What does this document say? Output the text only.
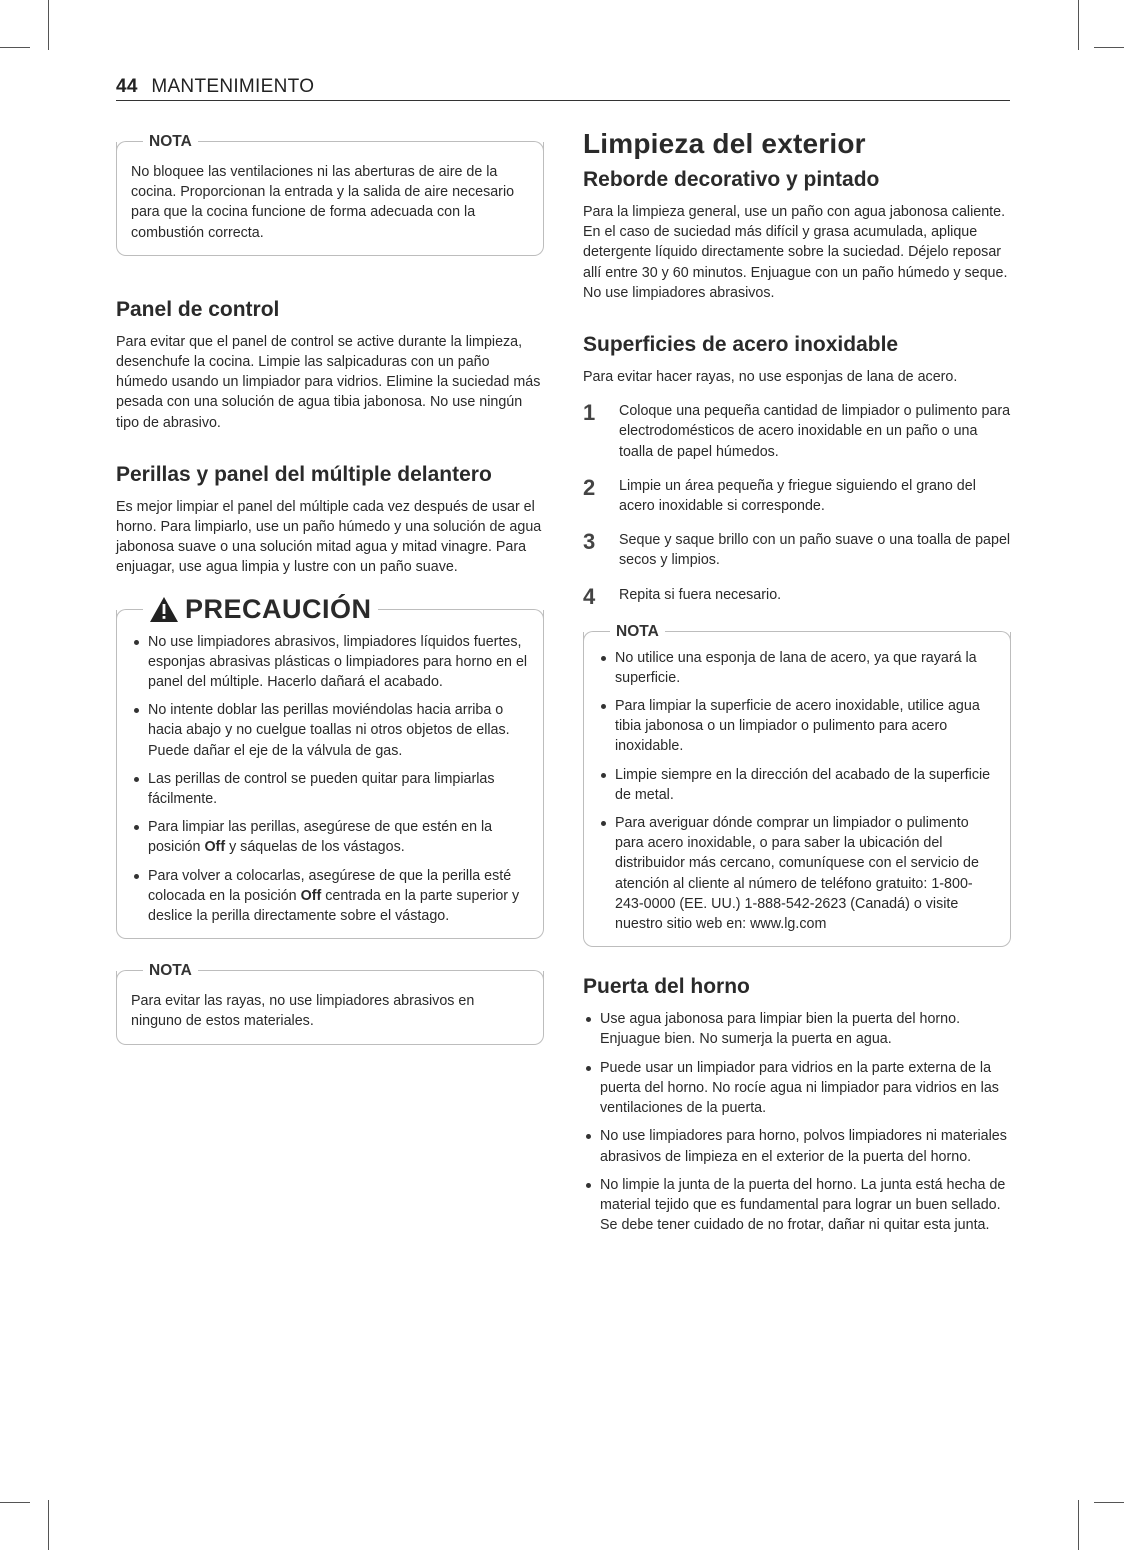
44 MANTENIMIENTO
NOTA

No bloquee las ventilaciones ni las aberturas de aire de la cocina. Proporcionan la entrada y la salida de aire necesario para que la cocina funcione de forma adecuada con la combustión correcta.

Panel de control

Para evitar que el panel de control se active durante la limpieza, desenchufe la cocina. Limpie las salpicaduras con un paño húmedo usando un limpiador para vidrios. Elimine la suciedad más pesada con una solución de agua tibia jabonosa. No use ningún tipo de abrasivo.

Perillas y panel del múltiple delantero

Es mejor limpiar el panel del múltiple cada vez después de usar el horno. Para limpiarlo, use un paño húmedo y una solución de agua jabonosa suave o una solución mitad agua y mitad vinagre. Para enjuagar, use agua limpia y lustre con un paño suave.

PRECAUCIÓN
No use limpiadores abrasivos, limpiadores líquidos fuertes, esponjas abrasivas plásticas o limpiadores para horno en el panel del múltiple. Hacerlo dañará el acabado.
No intente doblar las perillas moviéndolas hacia arriba o hacia abajo y no cuelgue toallas ni otros objetos de ellas. Puede dañar el eje de la válvula de gas.
Las perillas de control se pueden quitar para limpiarlas fácilmente.
Para limpiar las perillas, asegúrese de que estén en la posición Off y sáquelas de los vástagos.
Para volver a colocarlas, asegúrese de que la perilla esté colocada en la posición Off centrada en la parte superior y deslice la perilla directamente sobre el vástago.
NOTA

Para evitar las rayas, no use limpiadores abrasivos en ninguno de estos materiales.

Limpieza del exterior
Reborde decorativo y pintado

Para la limpieza general, use un paño con agua jabonosa caliente. En el caso de suciedad más difícil y grasa acumulada, aplique detergente líquido directamente sobre la suciedad. Déjelo reposar allí entre 30 y 60 minutos. Enjuague con un paño húmedo y seque. No use limpiadores abrasivos.

Superficies de acero inoxidable

Para evitar hacer rayas, no use esponjas de lana de acero.

1	Coloque una pequeña cantidad de limpiador o pulimento para electrodomésticos de acero inoxidable en un paño o una toalla de papel húmedos.
2	Limpie un área pequeña y friegue siguiendo el grano del acero inoxidable si corresponde.
3	Seque y saque brillo con un paño suave o una toalla de papel secos y limpios.
4	Repita si fuera necesario.
NOTA
No utilice una esponja de lana de acero, ya que rayará la superficie.
Para limpiar la superficie de acero inoxidable, utilice agua tibia jabonosa o un limpiador o pulimento para acero inoxidable.
Limpie siempre en la dirección del acabado de la superficie de metal.
Para averiguar dónde comprar un limpiador o pulimento para acero inoxidable, o para saber la ubicación del distribuidor más cercano, comuníquese con el servicio de atención al cliente al número de teléfono gratuito: 1-800-243-0000 (EE. UU.) 1-888-542-2623 (Canadá) o visite nuestro sitio web en: www.lg.com
Puerta del horno
Use agua jabonosa para limpiar bien la puerta del horno. Enjuague bien. No sumerja la puerta en agua.
Puede usar un limpiador para vidrios en la parte externa de la puerta del horno. No rocíe agua ni limpiador para vidrios en las ventilaciones de la puerta.
No use limpiadores para horno, polvos limpiadores ni materiales abrasivos de limpieza en el exterior de la puerta del horno.
No limpie la junta de la puerta del horno. La junta está hecha de material tejido que es fundamental para lograr un buen sellado. Se debe tener cuidado de no frotar, dañar ni quitar esta junta.
